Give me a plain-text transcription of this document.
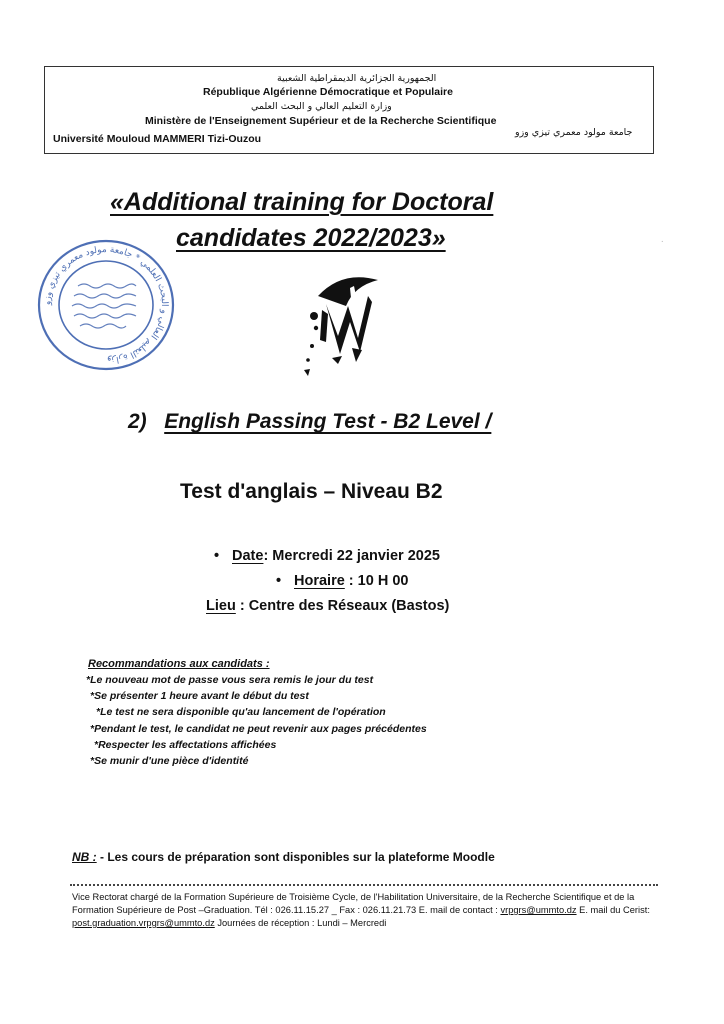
الجمهورية الجزائرية الديمقراطية الشعبية
République Algérienne Démocratique et Populaire
وزارة التعليم العالي و البحث العلمي
Ministère de l'Enseignement Supérieur et de la Recherche Scientifique
Université Mouloud MAMMERI Tizi-Ouzou
جامعة مولود معمري تيزي وزو
«Additional training for Doctoral
candidates 2022/2023»	·
وزارة التعليم العالي و البحث العلمي * جامعة مولود معمري تيزي وزو
2) English Passing Test - B2 Level /
Test d'anglais – Niveau B2
• Date: Mercredi 22 janvier 2025
• Horaire : 10 H 00
Lieu : Centre des Réseaux (Bastos)
Recommandations aux candidats :
*Le nouveau mot de passe vous sera remis le jour du test
*Se présenter 1 heure avant le début du test
*Le test ne sera disponible qu'au lancement de l'opération
*Pendant le test, le candidat ne peut revenir aux pages précédentes
*Respecter les affectations affichées
*Se munir d'une pièce d'identité
NB : - Les cours de préparation sont disponibles sur la plateforme Moodle
Vice Rectorat chargé de la Formation Supérieure de Troisième Cycle, de l'Habilitation Universitaire, de la Recherche Scientifique et de la Formation Supérieure de Post –Graduation. Tél : 026.11.15.27 _ Fax : 026.11.21.73 E. mail de contact : vrpgrs@ummto.dz E. mail du Cerist: post.graduation.vrpgrs@ummto.dz Journées de réception : Lundi – Mercredi
